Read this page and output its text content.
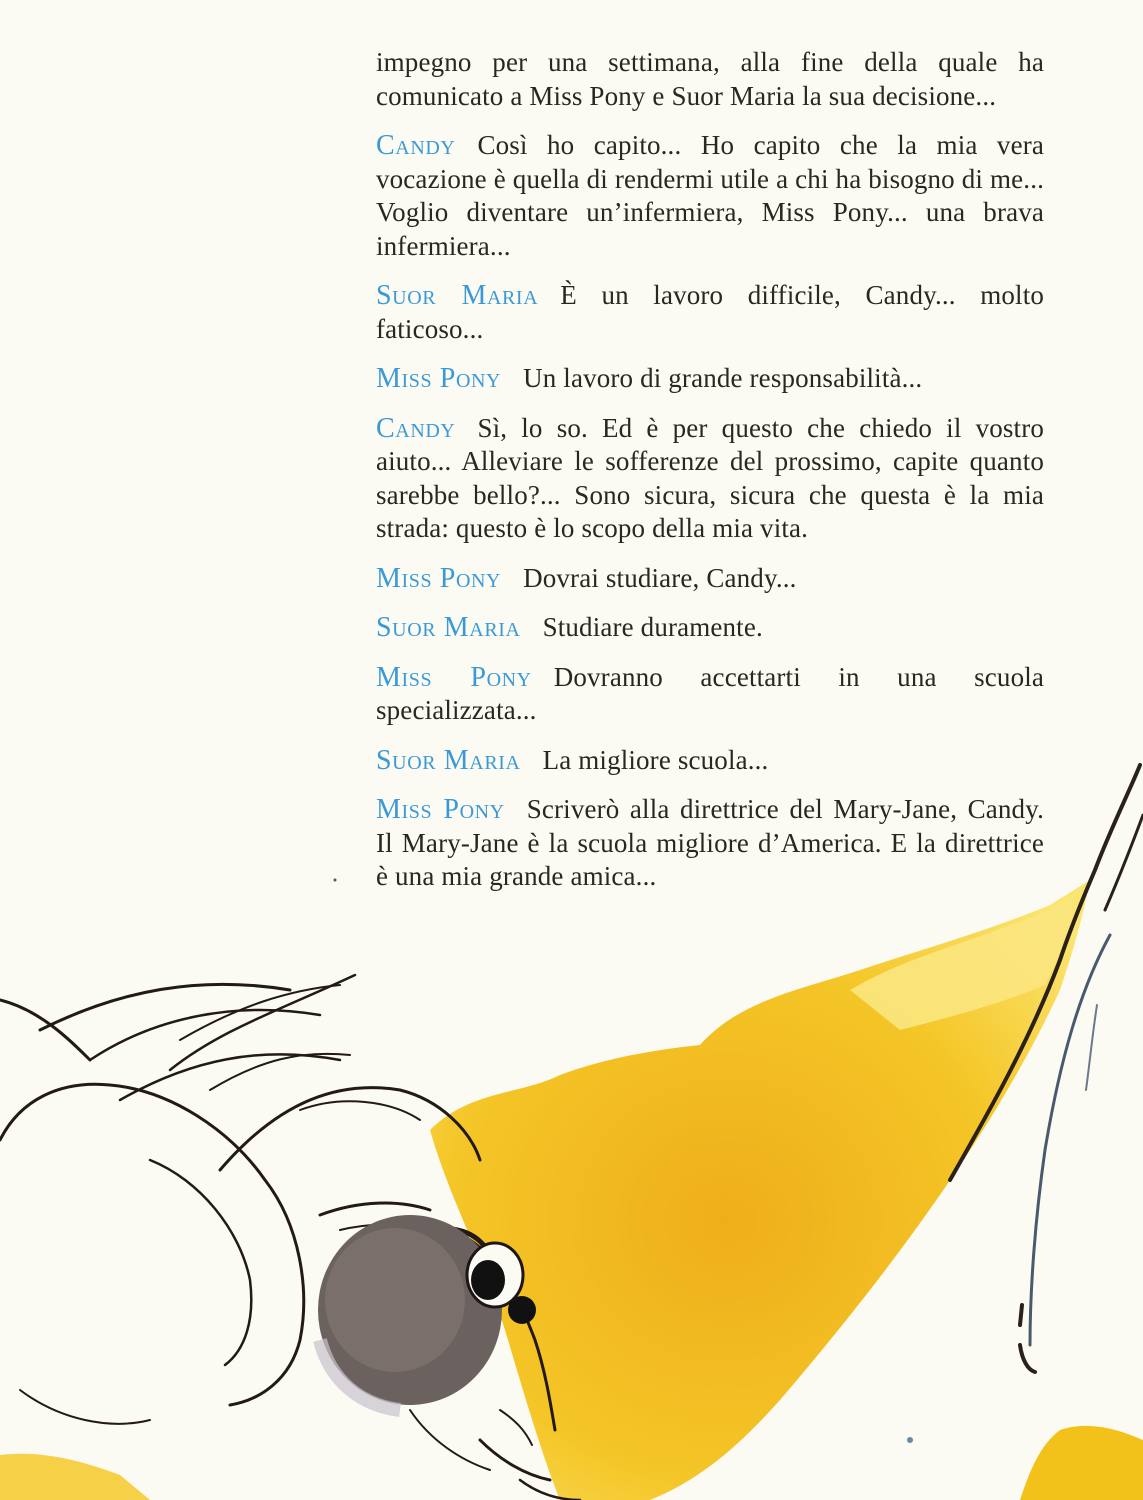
impegno per una settimana, alla fine della quale ha comunicato a Miss Pony e Suor Maria la sua decisione...

Candy Così ho capito... Ho capito che la mia vera vocazione è quella di rendermi utile a chi ha bisogno di me... Voglio diventare un’infermiera, Miss Pony... una brava infermiera...

Suor Maria È un lavoro difficile, Candy... molto faticoso...

Miss Pony Un lavoro di grande responsabilità...

Candy Sì, lo so. Ed è per questo che chiedo il vostro aiuto... Alleviare le sofferenze del prossimo, capite quanto sarebbe bello?... Sono sicura, sicura che questa è la mia strada: questo è lo scopo della mia vita.

Miss Pony Dovrai studiare, Candy...

Suor Maria Studiare duramente.

Miss Pony Dovranno accettarti in una scuola specializzata...

Suor Maria La migliore scuola...

Miss Pony Scriverò alla direttrice del Mary-Jane, Candy. Il Mary-Jane è la scuola migliore d’America. E la direttrice è una mia grande amica...
